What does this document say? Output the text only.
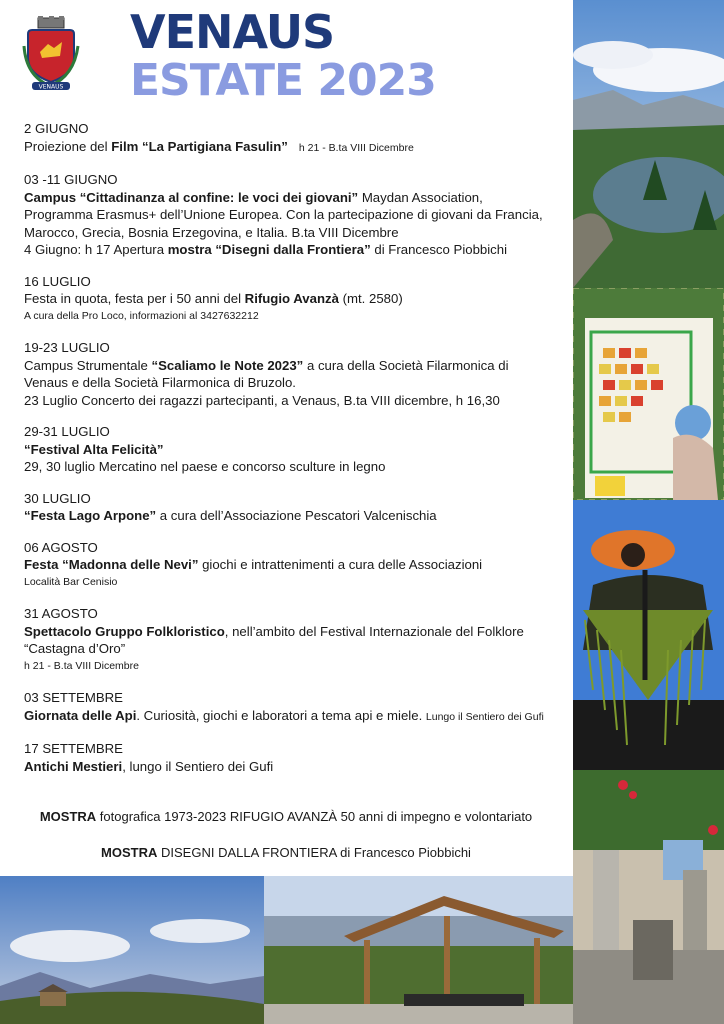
VENAUS
VENAUS
ESTATE 2023
2 GIUGNO
Proiezione del Film “La Partigiana Fasulin” h 21 - B.ta VIII Dicembre
03 -11 GIUGNO
Campus “Cittadinanza al confine: le voci dei giovani” Maydan Association,
Programma Erasmus+ dell’Unione Europea. Con la partecipazione di giovani da Francia,
Marocco, Grecia, Bosnia Erzegovina, e Italia. B.ta VIII Dicembre
4 Giugno: h 17 Apertura mostra “Disegni dalla Frontiera” di Francesco Piobbichi
16 LUGLIO
Festa in quota, festa per i 50 anni del Rifugio Avanzà (mt. 2580)
A cura della Pro Loco, informazioni al 3427632212
19-23 LUGLIO
Campus Strumentale “Scaliamo le Note 2023” a cura della Società Filarmonica di
Venaus e della Società Filarmonica di Bruzolo.
23 Luglio Concerto dei ragazzi partecipanti, a Venaus, B.ta VIII dicembre, h 16,30
29-31 LUGLIO
“Festival Alta Felicità”
29, 30 luglio Mercatino nel paese e concorso sculture in legno
30 LUGLIO
“Festa Lago Arpone” a cura dell’Associazione Pescatori Valcenischia
06 AGOSTO
Festa “Madonna delle Nevi” giochi e intrattenimenti a cura delle Associazioni
Località Bar Cenisio
31 AGOSTO
Spettacolo Gruppo Folkloristico, nell’ambito del Festival Internazionale del Folklore
“Castagna d’Oro”
h 21 - B.ta VIII Dicembre
03 SETTEMBRE
Giornata delle Api. Curiosità, giochi e laboratori a tema api e miele. Lungo il Sentiero dei Gufi
17 SETTEMBRE
Antichi Mestieri, lungo il Sentiero dei Gufi
MOSTRA fotografica 1973-2023 RIFUGIO AVANZÀ 50 anni di impegno e volontariato
MOSTRA DISEGNI DALLA FRONTIERA di Francesco Piobbichi
